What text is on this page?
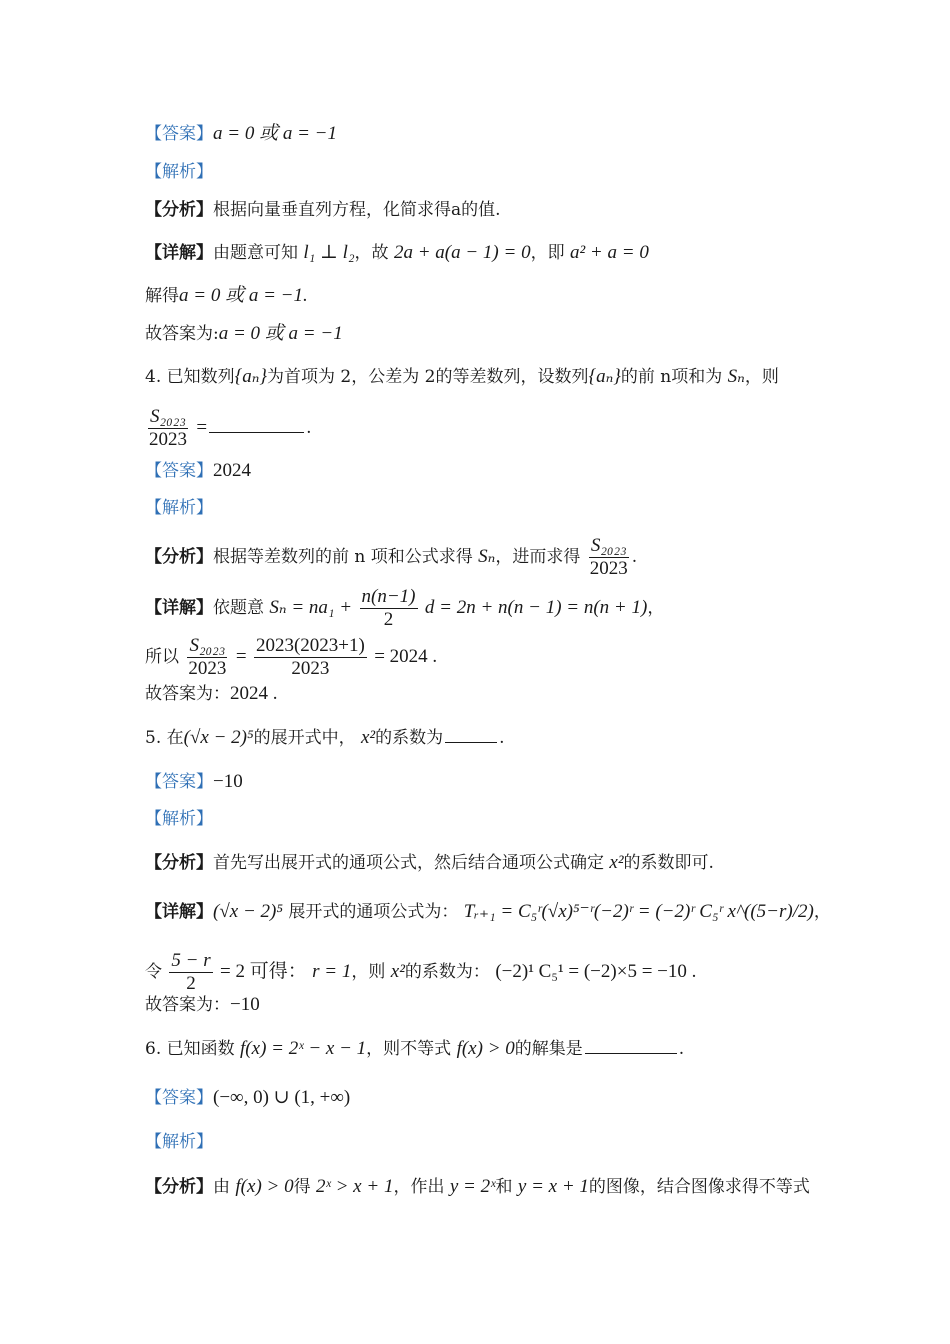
【答案】a = 0 或 a = −1
【解析】
【分析】根据向量垂直列方程，化简求得a的值.
【详解】由题意可知 l₁ ⊥ l₂，故 2a + a(a − 1) = 0，即 a² + a = 0
解得a = 0 或 a = −1.
故答案为:a = 0 或 a = −1
4. 已知数列{aₙ}为首项为 2，公差为 2的等差数列，设数列{aₙ}的前 n项和为 Sₙ，则
$\frac{\text{S₂₀₂₃}}{2023}$ =	.
【答案】2024
【解析】
【分析】根据等差数列的前 n 项和公式求得 Sₙ，进而求得 $\frac{\text{S₂₀₂₃}}{2023}$ .
【详解】依题意 $S_n = na_1 + \frac{n(n-1)}{2}$ d = 2n + n(n − 1) = n(n + 1)，
所以 $\frac{\text{S₂₀₂₃}}{2023} = \frac{2023(2023+1)}{2023} = 2024$ .
故答案为：2024 .
5. 在(√x − 2)⁵的展开式中， x²的系数为	.
【答案】−10
【解析】
【分析】首先写出展开式的通项公式，然后结合通项公式确定 x²的系数即可.
【详解】(√x − 2)⁵ 展开式的通项公式为： Tᵣ₊₁ = C₅ʳ(√x)⁵⁻ʳ(−2)ʳ = (−2)ʳ C₅ʳ x^((5−r)/2)，
令 $\frac{5 - r}{2} = 2$ 可得： r = 1，则 x²的系数为： (−2)¹ C₅¹ = (−2)×5 = −10 .
故答案为：−10
6. 已知函数 f(x) = 2ˣ − x − 1，则不等式 f(x) > 0的解集是	.
【答案】(−∞, 0) ∪ (1, +∞)
【解析】
【分析】由 f(x) > 0得 2ˣ > x + 1，作出 y = 2ˣ和 y = x + 1的图像，结合图像求得不等式
